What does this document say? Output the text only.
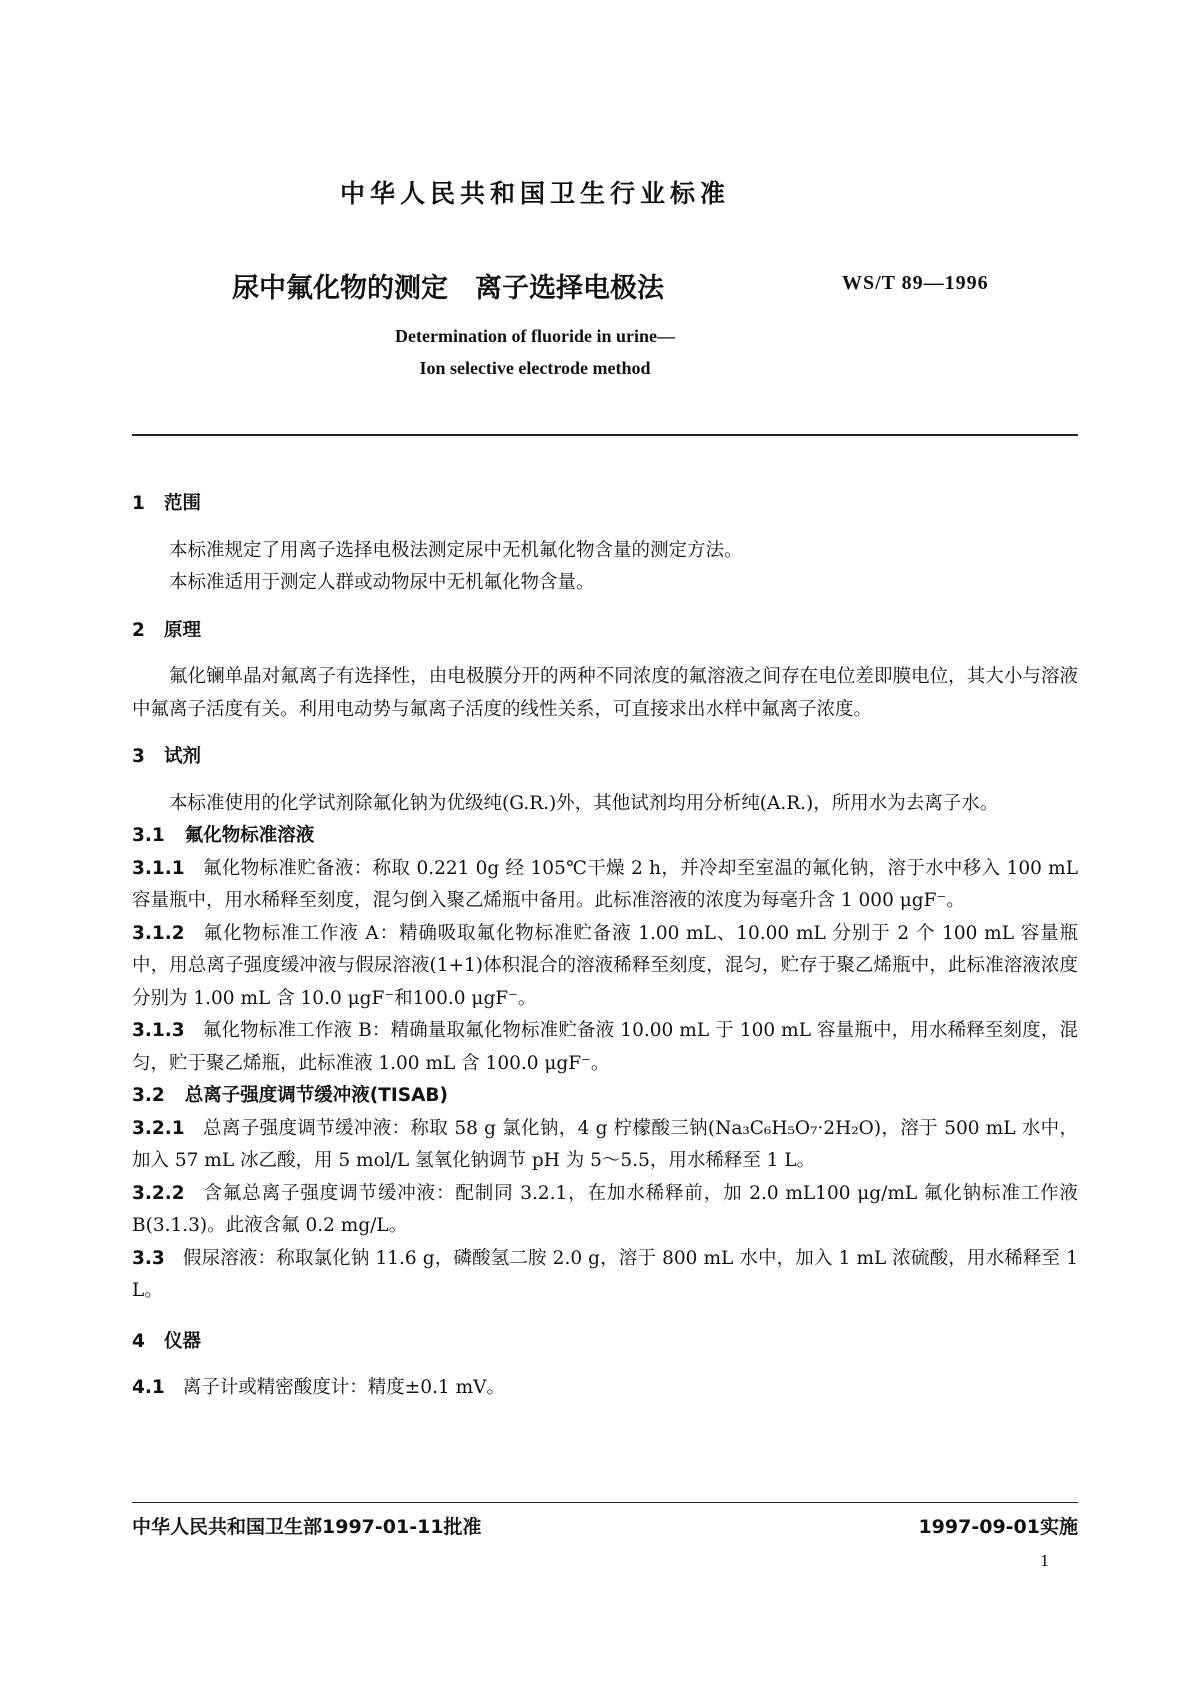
中华人民共和国卫生行业标准
尿中氟化物的测定　离子选择电极法	WS/T 89—1996
Determination of fluoride in urine—
Ion selective electrode method
1 范围
本标准规定了用离子选择电极法测定尿中无机氟化物含量的测定方法。
本标准适用于测定人群或动物尿中无机氟化物含量。
2 原理
氟化镧单晶对氟离子有选择性，由电极膜分开的两种不同浓度的氟溶液之间存在电位差即膜电位，其大小与溶液中氟离子活度有关。利用电动势与氟离子活度的线性关系，可直接求出水样中氟离子浓度。
3 试剂
本标准使用的化学试剂除氟化钠为优级纯(G.R.)外，其他试剂均用分析纯(A.R.)，所用水为去离子水。
3.1 氟化物标准溶液
3.1.1 氟化物标准贮备液：称取 0.221 0g 经 105℃干燥 2 h，并冷却至室温的氟化钠，溶于水中移入 100 mL 容量瓶中，用水稀释至刻度，混匀倒入聚乙烯瓶中备用。此标准溶液的浓度为每毫升含 1 000 μgF⁻。
3.1.2 氟化物标准工作液 A：精确吸取氟化物标准贮备液 1.00 mL、10.00 mL 分别于 2 个 100 mL 容量瓶中，用总离子强度缓冲液与假尿溶液(1+1)体积混合的溶液稀释至刻度，混匀，贮存于聚乙烯瓶中，此标准溶液浓度分别为 1.00 mL 含 10.0 μgF⁻和100.0 μgF⁻。
3.1.3 氟化物标准工作液 B：精确量取氟化物标准贮备液 10.00 mL 于 100 mL 容量瓶中，用水稀释至刻度，混匀，贮于聚乙烯瓶，此标准液 1.00 mL 含 100.0 μgF⁻。
3.2 总离子强度调节缓冲液(TISAB)
3.2.1 总离子强度调节缓冲液：称取 58 g 氯化钠，4 g 柠檬酸三钠(Na₃C₆H₅O₇·2H₂O)，溶于 500 mL 水中，加入 57 mL 冰乙酸，用 5 mol/L 氢氧化钠调节 pH 为 5～5.5，用水稀释至 1 L。
3.2.2 含氟总离子强度调节缓冲液：配制同 3.2.1，在加水稀释前，加 2.0 mL100 μg/mL 氟化钠标准工作液 B(3.1.3)。此液含氟 0.2 mg/L。
3.3 假尿溶液：称取氯化钠 11.6 g，磷酸氢二胺 2.0 g，溶于 800 mL 水中，加入 1 mL 浓硫酸，用水稀释至 1 L。
4 仪器
4.1 离子计或精密酸度计：精度±0.1 mV。
中华人民共和国卫生部1997-01-11批准	1997-09-01实施
1
